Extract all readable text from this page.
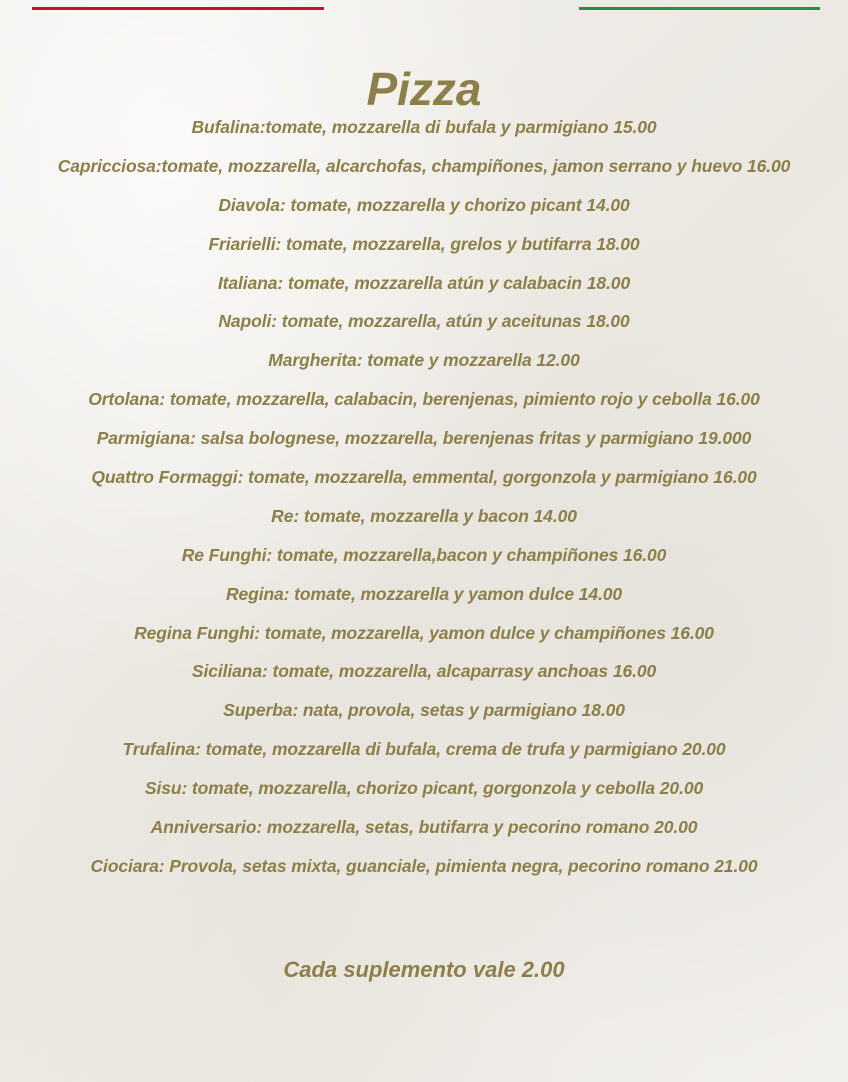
Pizza
Bufalina:tomate, mozzarella di bufala y parmigiano 15.00
Capricciosa:tomate, mozzarella, alcarchofas, champiñones, jamon serrano y huevo 16.00
Diavola: tomate, mozzarella y chorizo picant 14.00
Friarielli: tomate, mozzarella, grelos y butifarra 18.00
Italiana: tomate, mozzarella atún y calabacin 18.00
Napoli: tomate, mozzarella, atún y aceitunas 18.00
Margherita: tomate y mozzarella 12.00
Ortolana: tomate, mozzarella, calabacin, berenjenas, pimiento rojo y cebolla 16.00
Parmigiana: salsa bolognese, mozzarella, berenjenas fritas y parmigiano 19.000
Quattro Formaggi: tomate, mozzarella, emmental, gorgonzola y parmigiano 16.00
Re: tomate, mozzarella y bacon 14.00
Re Funghi: tomate, mozzarella,bacon y champiñones 16.00
Regina: tomate, mozzarella y yamon dulce 14.00
Regina Funghi: tomate, mozzarella, yamon dulce y champiñones 16.00
Siciliana: tomate, mozzarella, alcaparrasy anchoas 16.00
Superba: nata, provola, setas y parmigiano 18.00
Trufalina: tomate, mozzarella di bufala, crema de trufa y parmigiano 20.00
Sisu: tomate, mozzarella, chorizo picant, gorgonzola y cebolla 20.00
Anniversario: mozzarella, setas, butifarra y pecorino romano 20.00
Ciociara: Provola, setas mixta, guanciale, pimienta negra, pecorino romano 21.00

Cada suplemento vale 2.00
